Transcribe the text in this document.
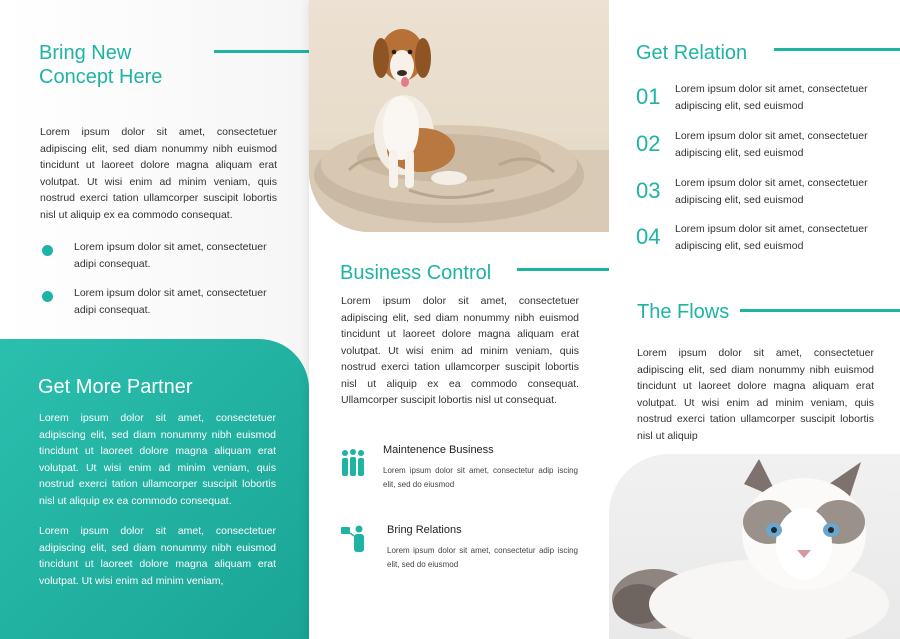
Bring New
Concept Here

Lorem ipsum dolor sit amet, consectetuer adipiscing elit, sed diam nonummy nibh euismod tincidunt ut laoreet dolore magna aliquam erat volutpat. Ut wisi enim ad minim veniam, quis nostrud exerci tation ullamcorper suscipit lobortis nisl ut aliquip ex ea commodo consequat.

Lorem ipsum dolor sit amet, consectetuer adipi consequat.

Lorem ipsum dolor sit amet, consectetuer adipi consequat.

Get More Partner

Lorem ipsum dolor sit amet, consectetuer adipiscing elit, sed diam nonummy nibh euismod tincidunt ut laoreet dolore magna aliquam erat volutpat. Ut wisi enim ad minim veniam, quis nostrud exerci tation ullamcorper suscipit lobortis nisl ut aliquip ex ea commodo consequat.

Lorem ipsum dolor sit amet, consectetuer adipiscing elit, sed diam nonummy nibh euismod tincidunt ut laoreet dolore magna aliquam erat volutpat. Ut wisi enim ad minim veniam,

Business Control

Lorem ipsum dolor sit amet, consectetuer adipiscing elit, sed diam nonummy nibh euismod tincidunt ut laoreet dolore magna aliquam erat volutpat. Ut wisi enim ad minim veniam, quis nostrud exerci tation ullamcorper suscipit lobortis nisl ut aliquip ex ea commodo consequat. Ullamcorper suscipit lobortis nisl ut consequat.

Maintenence Business

Lorem ipsum dolor sit amet, consectetur adip iscing elit, sed do eiusmod

Bring Relations

Lorem ipsum dolor sit amet, consectetur adip iscing elit, sed do eiusmod

Get Relation
01 Lorem ipsum dolor sit amet, consectetuer adipiscing elit, sed euismod

02 Lorem ipsum dolor sit amet, consectetuer adipiscing elit, sed euismod

03 Lorem ipsum dolor sit amet, consectetuer adipiscing elit, sed euismod

04 Lorem ipsum dolor sit amet, consectetuer adipiscing elit, sed euismod

The Flows

Lorem ipsum dolor sit amet, consectetuer adipiscing elit, sed diam nonummy nibh euismod tincidunt ut laoreet dolore magna aliquam erat volutpat. Ut wisi enim ad minim veniam, quis nostrud exerci tation ullamcorper suscipit lobortis nisl ut aliquip
